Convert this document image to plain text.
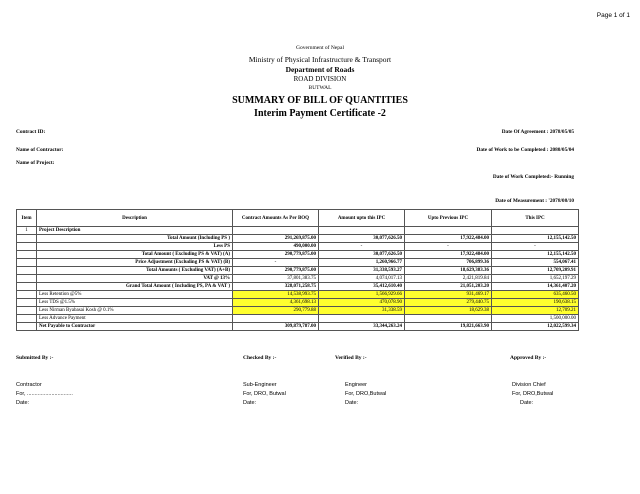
Page 1 of 1
Government of Nepal
Ministry of Physical Infrastructure & Transport
Department of Roads
ROAD DIVISION
BUTWAL
SUMMARY OF BILL OF QUANTITIES
Interim Payment Certificate -2
Contract ID:	Date Of Agreement : 2078/05/05
Name of Contractor:	Date of Work to be Completed : 2080/05/04
Name of Project:
Date of Work Completed:- Running
Date of Measurement : '2078/08/10
Item	Description	Contract Amounts As Per BOQ	Amount upto this IPC	Upto Previous IPC	This IPC
1	Project Description				
	Total Amount (Including PS )	291,269,875.00	30,077,626.50	17,922,484.00	12,155,142.50
	Less PS	490,000.00	-	-	-
	Total Amount ( Excluding PS & VAT) (A)	290,779,875.00	30,077,626.50	17,922,484.00	12,155,142.50
	Price Adjustment (Excluding PS & VAT) (B)	-	1,260,966.77	706,899.36	554,067.41
	Total Amounts ( Excluding VAT) (A+B)	290,779,875.00	31,338,593.27	18,629,383.36	12,709,209.91
	VAT @ 13%	37,801,383.75	4,074,017.13	2,421,819.84	1,652,197.29
	Grand Total Amount ( Including PS, PA & VAT )	328,071,258.75	35,412,610.40	21,051,203.20	14,361,407.20
	Less Retention @5%	14,538,993.75	1,566,929.66	931,469.17	635,460.50
	Less TDS @1.5%	4,361,698.13	470,078.90	279,440.75	190,638.15
	Less Nirman Byabasai Kosh @ 0.1%	290,779.88	31,338.59	18,629.38	12,709.21
	Less Advance Payment				1,500,000.00
	Net Payable to Contractor	309,879,787.00	33,344,263.24	19,821,663.90	12,022,599.34
Submitted By :-	Checked By :-	Verified By :-	Approved By :-
Contractor	Sub-Engineer	Engineer	Division Chief
For, ..............................	For, DRO, Butwal	For, DRO,Butwal	For, DRO,Butwal
Date:	Date:	Date:	Date:
